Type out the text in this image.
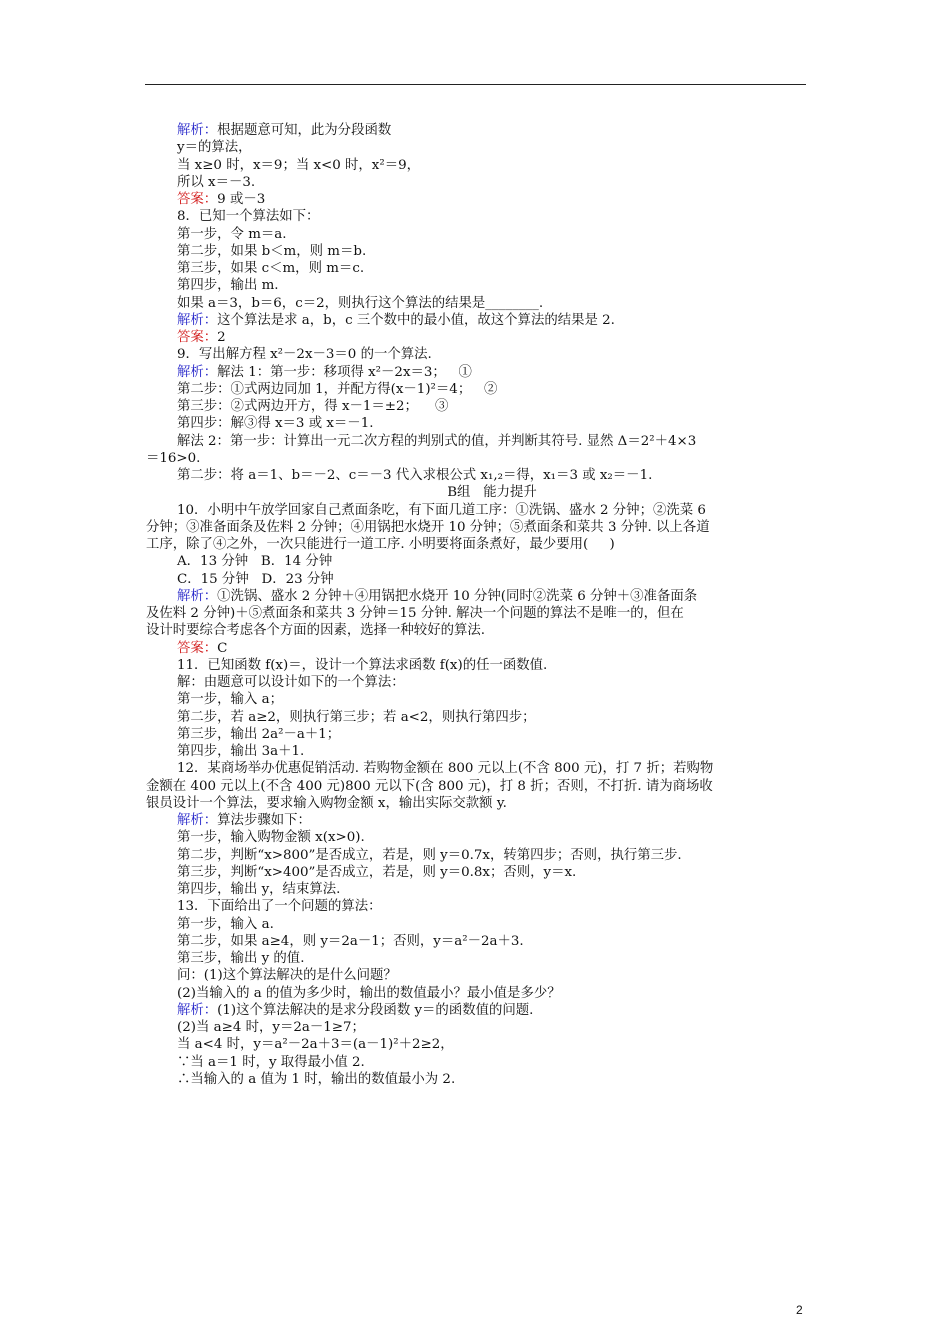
解析：根据题意可知，此为分段函数
y＝的算法，
当 x≥0 时，x＝9；当 x<0 时，x²＝9，
所以 x＝－3.
答案：9 或－3
8．已知一个算法如下：
第一步，令 m＝a.
第二步，如果 b＜m，则 m＝b.
第三步，如果 c＜m，则 m＝c.
第四步，输出 m.
如果 a＝3，b＝6，c＝2，则执行这个算法的结果是________.
解析：这个算法是求 a，b，c 三个数中的最小值，故这个算法的结果是 2.
答案：2
9．写出解方程 x²－2x－3＝0 的一个算法.
解析：解法 1：第一步：移项得 x²－2x＝3；   ①
第二步：①式两边同加 1，并配方得(x－1)²＝4；   ②
第三步：②式两边开方，得 x－1＝±2；    ③
第四步：解③得 x＝3 或 x＝－1.
解法 2：第一步：计算出一元二次方程的判别式的值，并判断其符号. 显然 Δ＝2²＋4×3
＝16>0.
第二步：将 a＝1、b＝－2、c＝－3 代入求根公式 x₁,₂＝得，x₁＝3 或 x₂＝－1.
B组   能力提升
10．小明中午放学回家自己煮面条吃，有下面几道工序：①洗锅、盛水 2 分钟；②洗菜 6
分钟；③准备面条及佐料 2 分钟；④用锅把水烧开 10 分钟；⑤煮面条和菜共 3 分钟. 以上各道
工序，除了④之外，一次只能进行一道工序. 小明要将面条煮好，最少要用(     )
A．13 分钟   B．14 分钟
C．15 分钟   D．23 分钟
解析：①洗锅、盛水 2 分钟＋④用锅把水烧开 10 分钟(同时②洗菜 6 分钟＋③准备面条
及佐料 2 分钟)＋⑤煮面条和菜共 3 分钟＝15 分钟. 解决一个问题的算法不是唯一的，但在
设计时要综合考虑各个方面的因素，选择一种较好的算法.
答案：C
11．已知函数 f(x)＝，设计一个算法求函数 f(x)的任一函数值.
解：由题意可以设计如下的一个算法：
第一步，输入 a；
第二步，若 a≥2，则执行第三步；若 a<2，则执行第四步；
第三步，输出 2a²－a＋1；
第四步，输出 3a＋1.
12．某商场举办优惠促销活动. 若购物金额在 800 元以上(不含 800 元)，打 7 折；若购物
金额在 400 元以上(不含 400 元)800 元以下(含 800 元)，打 8 折；否则，不打折. 请为商场收
银员设计一个算法，要求输入购物金额 x，输出实际交款额 y.
解析：算法步骤如下：
第一步，输入购物金额 x(x>0).
第二步，判断“x>800”是否成立，若是，则 y＝0.7x，转第四步；否则，执行第三步.
第三步，判断“x>400”是否成立，若是，则 y＝0.8x；否则，y＝x.
第四步，输出 y，结束算法.
13．下面给出了一个问题的算法：
第一步，输入 a.
第二步，如果 a≥4，则 y＝2a－1；否则，y＝a²－2a＋3.
第三步，输出 y 的值.
问：(1)这个算法解决的是什么问题？
(2)当输入的 a 的值为多少时，输出的数值最小？最小值是多少？
解析：(1)这个算法解决的是求分段函数 y＝的函数值的问题.
(2)当 a≥4 时，y＝2a－1≥7；
当 a<4 时，y＝a²－2a＋3＝(a－1)²＋2≥2，
∵当 a＝1 时，y 取得最小值 2.
∴当输入的 a 值为 1 时，输出的数值最小为 2.
2
